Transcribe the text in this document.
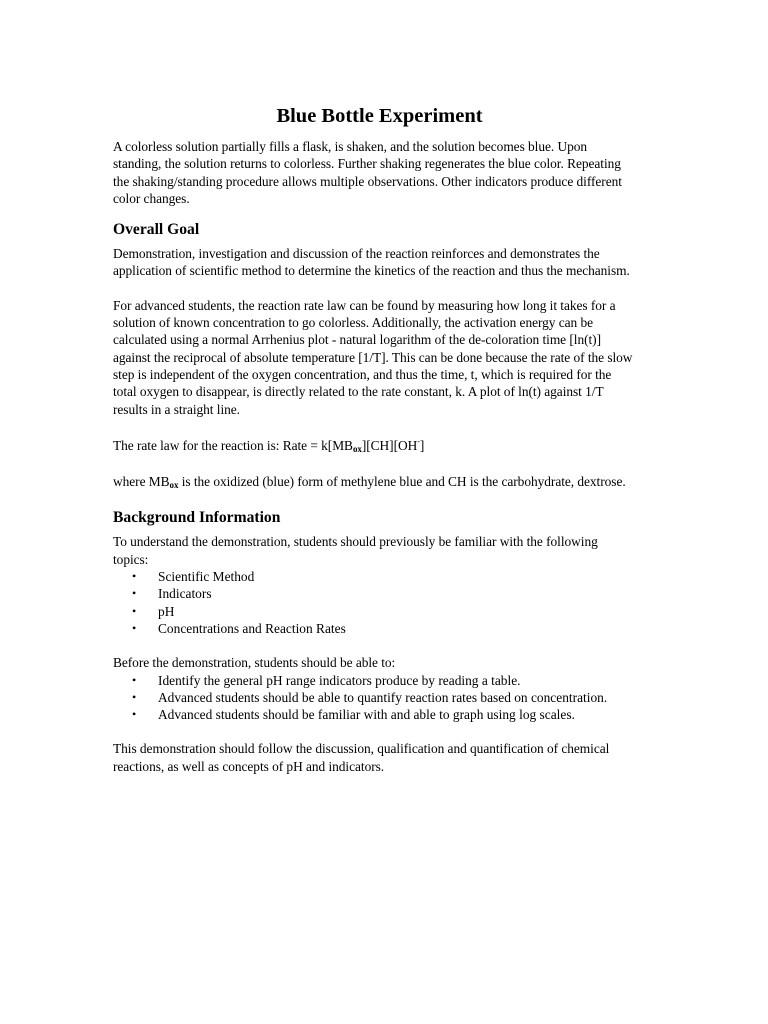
Blue Bottle Experiment

A colorless solution partially fills a flask, is shaken, and the solution becomes blue. Upon standing, the solution returns to colorless. Further shaking regenerates the blue color. Repeating the shaking/standing procedure allows multiple observations. Other indicators produce different color changes.

Overall Goal

Demonstration, investigation and discussion of the reaction reinforces and demonstrates the application of scientific method to determine the kinetics of the reaction and thus the mechanism.

For advanced students, the reaction rate law can be found by measuring how long it takes for a solution of known concentration to go colorless. Additionally, the activation energy can be calculated using a normal Arrhenius plot - natural logarithm of the de-coloration time [ln(t)] against the reciprocal of absolute temperature [1/T]. This can be done because the rate of the slow step is independent of the oxygen concentration, and thus the time, t, which is required for the total oxygen to disappear, is directly related to the rate constant, k. A plot of ln(t) against 1/T results in a straight line.

The rate law for the reaction is: Rate = $k[MB_{ox}][CH][OH^-]$

where $MB_{ox}$ is the oxidized (blue) form of methylene blue and CH is the carbohydrate, dextrose.

Background Information

To understand the demonstration, students should previously be familiar with the following topics:

• Scientific Method
• Indicators
• pH
• Concentrations and Reaction Rates

Before the demonstration, students should be able to:

• Identify the general pH range indicators produce by reading a table.
• Advanced students should be able to quantify reaction rates based on concentration.
• Advanced students should be familiar with and able to graph using log scales.

This demonstration should follow the discussion, qualification and quantification of chemical reactions, as well as concepts of pH and indicators.
